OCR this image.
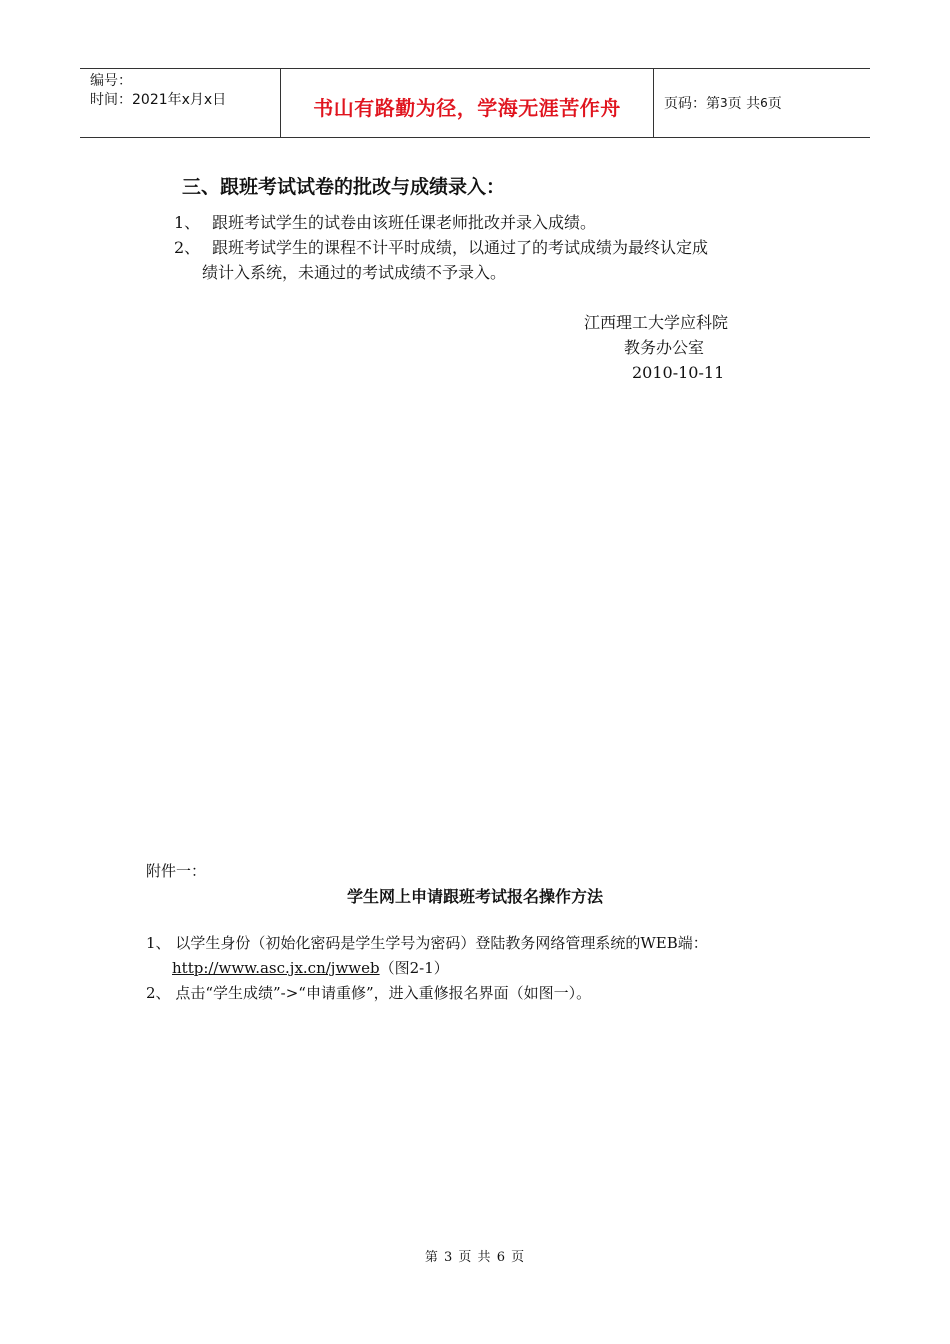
编号：
时间：2021年x月x日	书山有路勤为径，学海无涯苦作舟	页码：第 3 页 共 6 页
三、跟班考试试卷的批改与成绩录入：
1、 跟班考试学生的试卷由该班任课老师批改并录入成绩。
2、 跟班考试学生的课程不计平时成绩，以通过了的考试成绩为最终认定成
绩计入系统，未通过的考试成绩不予录入。
江西理工大学应科院
教务办公室
2010-10-11
附件一：
学生网上申请跟班考试报名操作方法
1、 以学生身份（初始化密码是学生学号为密码）登陆教务网络管理系统的WEB端：
http://www.asc.jx.cn/jwweb（图2-1）
2、 点击“学生成绩”->“申请重修”，进入重修报名界面（如图一）。
第 3 页 共 6 页
